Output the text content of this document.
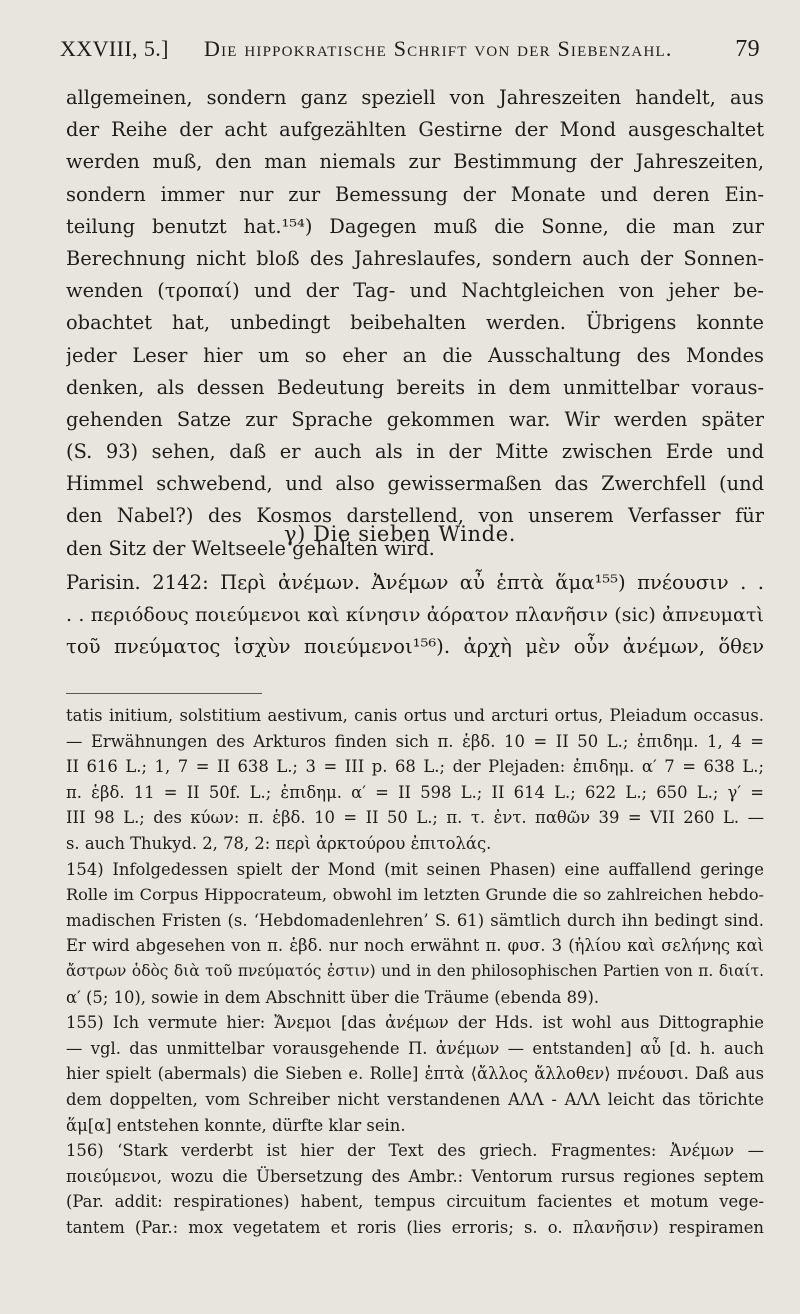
XXVIII, 5.] Die hippokratische Schrift von der Siebenzahl.	79
allgemeinen, sondern ganz speziell von Jahreszeiten handelt, aus
der Reihe der acht aufgezählten Gestirne der Mond ausgeschaltet
werden muß, den man niemals zur Bestimmung der Jahreszeiten,
sondern immer nur zur Bemessung der Monate und deren Ein-
teilung benutzt hat.¹⁵⁴) Dagegen muß die Sonne, die man zur
Berechnung nicht bloß des Jahreslaufes, sondern auch der Sonnen-
wenden (τροπαί) und der Tag- und Nachtgleichen von jeher be-
obachtet hat, unbedingt beibehalten werden. Übrigens konnte
jeder Leser hier um so eher an die Ausschaltung des Mondes
denken, als dessen Bedeutung bereits in dem unmittelbar voraus-
gehenden Satze zur Sprache gekommen war. Wir werden später
(S. 93) sehen, daß er auch als in der Mitte zwischen Erde und
Himmel schwebend, und also gewissermaßen das Zwerchfell (und
den Nabel?) des Kosmos darstellend, von unserem Verfasser für
den Sitz der Weltseele gehalten wird.
γ) Die sieben Winde.
Parisin. 2142: Περὶ ἀνέμων. Ἀνέμων αὖ ἑπτὰ ἅμα¹⁵⁵) πνέουσιν . .
. . περιόδους ποιεύμενοι καὶ κίνησιν ἀόρατον πλανῆσιν (sic) ἀπνευματὶ
τοῦ πνεύματος ἰσχὺν ποιεύμενοι¹⁵⁶). ἀρχὴ μὲν οὖν ἀνέμων, ὅθεν
tatis initium, solstitium aestivum, canis ortus und arcturi ortus, Pleiadum occasus.
— Erwähnungen des Arkturos finden sich π. ἑβδ. 10 = II 50 L.; ἐπιδημ. 1, 4 =
II 616 L.; 1, 7 = II 638 L.; 3 = III p. 68 L.; der Plejaden: ἐπιδημ. α′ 7 = 638 L.;
π. ἑβδ. 11 = II 50f. L.; ἐπιδημ. α′ = II 598 L.; II 614 L.; 622 L.; 650 L.; γ′ =
III 98 L.; des κύων: π. ἑβδ. 10 = II 50 L.; π. τ. ἐντ. παθῶν 39 = VII 260 L. —
s. auch Thukyd. 2, 78, 2: περὶ ἀρκτούρου ἐπιτολάς.
154) Infolgedessen spielt der Mond (mit seinen Phasen) eine auffallend geringe
Rolle im Corpus Hippocrateum, obwohl im letzten Grunde die so zahlreichen hebdo-
madischen Fristen (s. ‘Hebdomadenlehren’ S. 61) sämtlich durch ihn bedingt sind.
Er wird abgesehen von π. ἑβδ. nur noch erwähnt π. φυσ. 3 (ἡλίου καὶ σελήνης καὶ
ἄστρων ὁδὸς διὰ τοῦ πνεύματός ἐστιν) und in den philosophischen Partien von π. διαίτ.
α′ (5; 10), sowie in dem Abschnitt über die Träume (ebenda 89).
155) Ich vermute hier: Ἄνεμοι [das ἀνέμων der Hds. ist wohl aus Dittographie
— vgl. das unmittelbar vorausgehende Π. ἀνέμων — entstanden] αὖ [d. h. auch
hier spielt (abermals) die Sieben e. Rolle] ἑπτὰ ⟨ἄλλος ἄλλοθεν⟩ πνέουσι. Daß aus
dem doppelten, vom Schreiber nicht verstandenen ΑΛΛ - ΑΛΛ leicht das törichte
ἅμ[α] entstehen konnte, dürfte klar sein.
156) ‘Stark verderbt ist hier der Text des griech. Fragmentes: Ἀνέμων —
ποιεύμενοι, wozu die Übersetzung des Ambr.: Ventorum rursus regiones septem
(Par. addit: respirationes) habent, tempus circuitum facientes et motum vege-
tantem (Par.: mox vegetatem et roris (lies erroris; s. o. πλανῆσιν) respiramen
